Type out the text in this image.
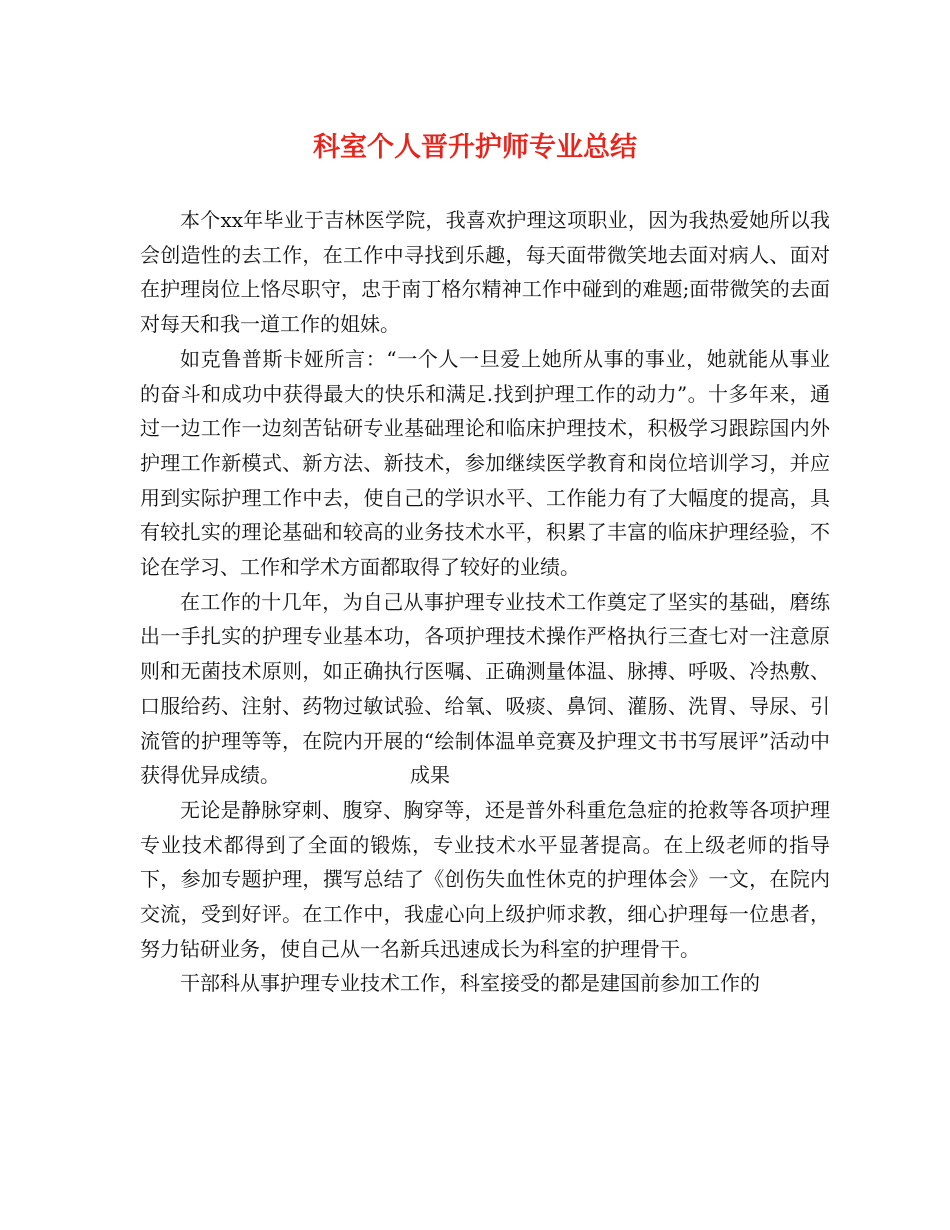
科室个人晋升护师专业总结

本个xx年毕业于吉林医学院，我喜欢护理这项职业，因为我热爱她所以我会创造性的去工作，在工作中寻找到乐趣，每天面带微笑地去面对病人、面对在护理岗位上恪尽职守，忠于南丁格尔精神工作中碰到的难题;面带微笑的去面对每天和我一道工作的姐妹。

如克鲁普斯卡娅所言：“一个人一旦爱上她所从事的事业，她就能从事业的奋斗和成功中获得最大的快乐和满足.找到护理工作的动力”。十多年来，通过一边工作一边刻苦钻研专业基础理论和临床护理技术，积极学习跟踪国内外护理工作新模式、新方法、新技术，参加继续医学教育和岗位培训学习，并应用到实际护理工作中去，使自己的学识水平、工作能力有了大幅度的提高，具有较扎实的理论基础和较高的业务技术水平，积累了丰富的临床护理经验，不论在学习、工作和学术方面都取得了较好的业绩。

在工作的十几年，为自己从事护理专业技术工作奠定了坚实的基础，磨练出一手扎实的护理专业基本功，各项护理技术操作严格执行三查七对一注意原则和无菌技术原则，如正确执行医嘱、正确测量体温、脉搏、呼吸、冷热敷、口服给药、注射、药物过敏试验、给氧、吸痰、鼻饲、灌肠、洗胃、导尿、引流管的护理等等，在院内开展的“绘制体温单竞赛及护理文书书写展评”活动中获得优异成绩。	成果

无论是静脉穿刺、腹穿、胸穿等，还是普外科重危急症的抢救等各项护理专业技术都得到了全面的锻炼，专业技术水平显著提高。在上级老师的指导下，参加专题护理，撰写总结了《创伤失血性休克的护理体会》一文，在院内交流，受到好评。在工作中，我虚心向上级护师求教，细心护理每一位患者，努力钻研业务，使自己从一名新兵迅速成长为科室的护理骨干。

干部科从事护理专业技术工作，科室接受的都是建国前参加工作的
